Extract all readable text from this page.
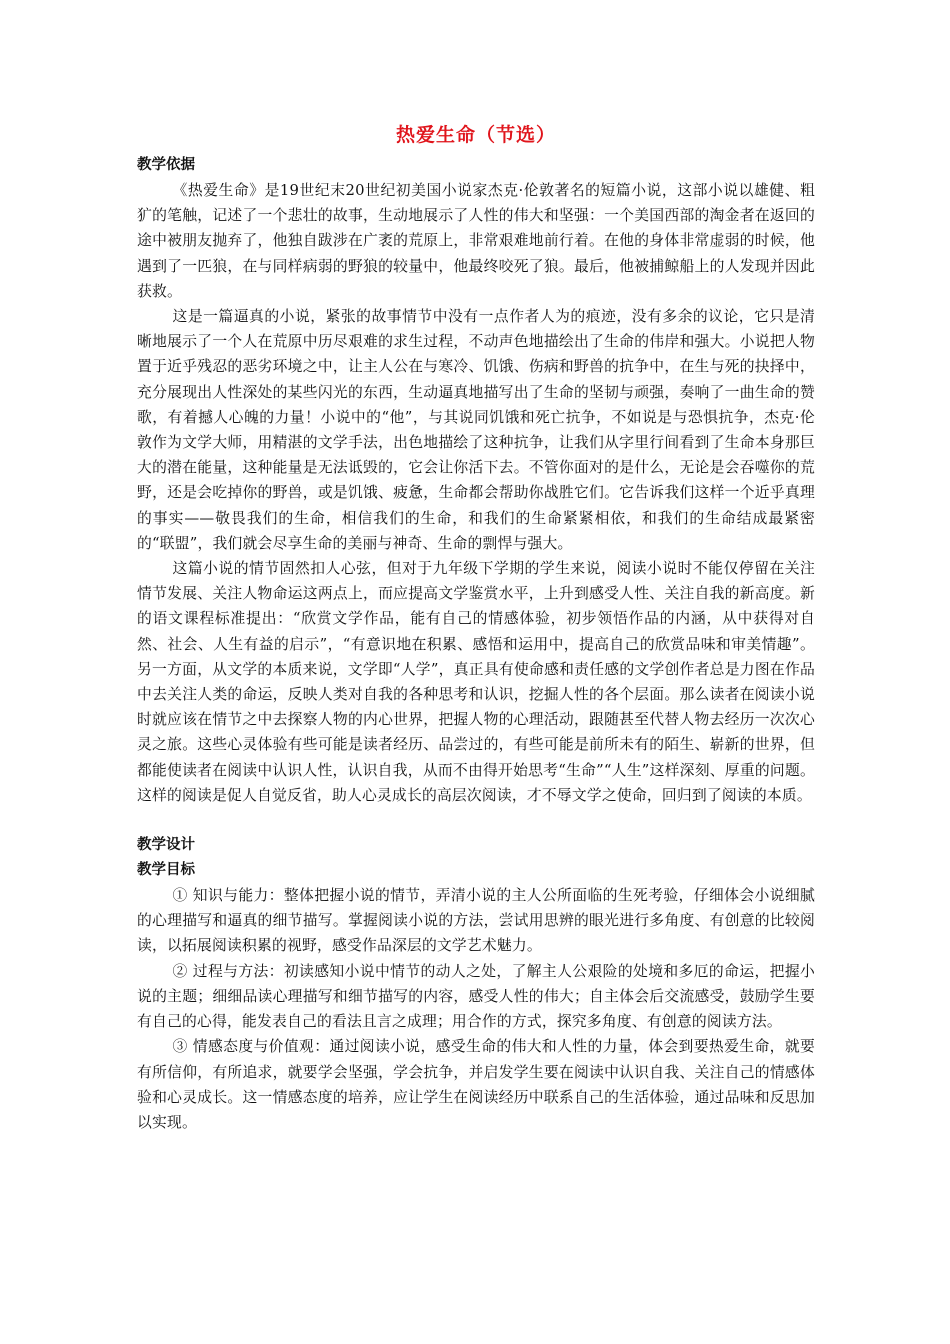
热爱生命（节选）
教学依据

《热爱生命》是19世纪末20世纪初美国小说家杰克·伦敦著名的短篇小说，这部小说以雄健、粗犷的笔触，记述了一个悲壮的故事，生动地展示了人性的伟大和坚强：一个美国西部的淘金者在返回的途中被朋友抛弃了，他独自跋涉在广袤的荒原上，非常艰难地前行着。在他的身体非常虚弱的时候，他遇到了一匹狼，在与同样病弱的野狼的较量中，他最终咬死了狼。最后，他被捕鲸船上的人发现并因此获救。

这是一篇逼真的小说，紧张的故事情节中没有一点作者人为的痕迹，没有多余的议论，它只是清晰地展示了一个人在荒原中历尽艰难的求生过程，不动声色地描绘出了生命的伟岸和强大。小说把人物置于近乎残忍的恶劣环境之中，让主人公在与寒冷、饥饿、伤病和野兽的抗争中，在生与死的抉择中，充分展现出人性深处的某些闪光的东西，生动逼真地描写出了生命的坚韧与顽强，奏响了一曲生命的赞歌，有着撼人心魄的力量！小说中的“他”，与其说同饥饿和死亡抗争，不如说是与恐惧抗争，杰克·伦敦作为文学大师，用精湛的文学手法，出色地描绘了这种抗争，让我们从字里行间看到了生命本身那巨大的潜在能量，这种能量是无法诋毁的，它会让你活下去。不管你面对的是什么，无论是会吞噬你的荒野，还是会吃掉你的野兽，或是饥饿、疲惫，生命都会帮助你战胜它们。它告诉我们这样一个近乎真理的事实——敬畏我们的生命，相信我们的生命，和我们的生命紧紧相依，和我们的生命结成最紧密的“联盟”，我们就会尽享生命的美丽与神奇、生命的剽悍与强大。

这篇小说的情节固然扣人心弦，但对于九年级下学期的学生来说，阅读小说时不能仅停留在关注情节发展、关注人物命运这两点上，而应提高文学鉴赏水平，上升到感受人性、关注自我的新高度。新的语文课程标准提出：“欣赏文学作品，能有自己的情感体验，初步领悟作品的内涵，从中获得对自然、社会、人生有益的启示”，“有意识地在积累、感悟和运用中，提高自己的欣赏品味和审美情趣”。另一方面，从文学的本质来说，文学即“人学”，真正具有使命感和责任感的文学创作者总是力图在作品中去关注人类的命运，反映人类对自我的各种思考和认识，挖掘人性的各个层面。那么读者在阅读小说时就应该在情节之中去探察人物的内心世界，把握人物的心理活动，跟随甚至代替人物去经历一次次心灵之旅。这些心灵体验有些可能是读者经历、品尝过的，有些可能是前所未有的陌生、崭新的世界，但都能使读者在阅读中认识人性，认识自我，从而不由得开始思考“生命”“人生”这样深刻、厚重的问题。这样的阅读是促人自觉反省，助人心灵成长的高层次阅读，才不辱文学之使命，回归到了阅读的本质。

教学设计
教学目标

① 知识与能力：整体把握小说的情节，弄清小说的主人公所面临的生死考验，仔细体会小说细腻的心理描写和逼真的细节描写。掌握阅读小说的方法，尝试用思辨的眼光进行多角度、有创意的比较阅读，以拓展阅读积累的视野，感受作品深层的文学艺术魅力。

② 过程与方法：初读感知小说中情节的动人之处，了解主人公艰险的处境和多厄的命运，把握小说的主题；细细品读心理描写和细节描写的内容，感受人性的伟大；自主体会后交流感受，鼓励学生要有自己的心得，能发表自己的看法且言之成理；用合作的方式，探究多角度、有创意的阅读方法。

③ 情感态度与价值观：通过阅读小说，感受生命的伟大和人性的力量，体会到要热爱生命，就要有所信仰，有所追求，就要学会坚强，学会抗争，并启发学生要在阅读中认识自我、关注自己的情感体验和心灵成长。这一情感态度的培养，应让学生在阅读经历中联系自己的生活体验，通过品味和反思加以实现。
